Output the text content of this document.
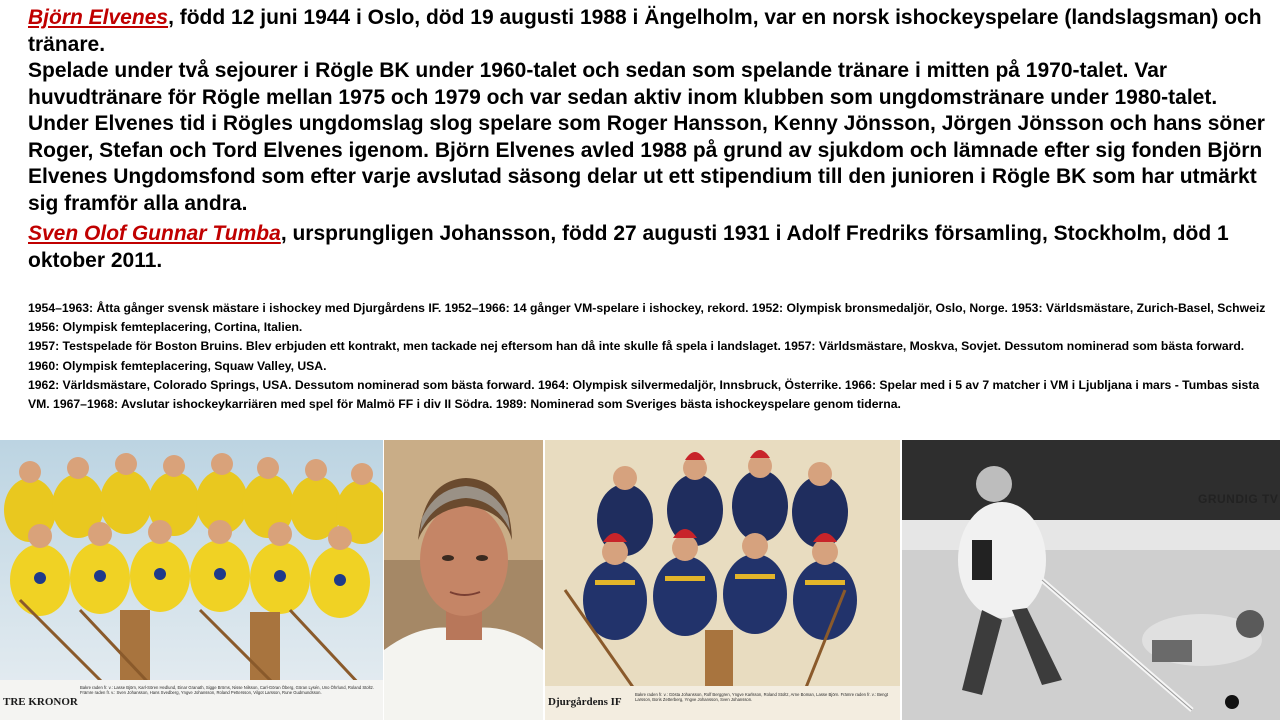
Björn Elvenes, född 12 juni 1944 i Oslo, död 19 augusti 1988 i Ängelholm, var en norsk ishockeyspelare (landslagsman) och tränare.

Spelade under två sejourer i Rögle BK under 1960-talet och sedan som spelande tränare i mitten på 1970-talet. Var huvudtränare för Rögle mellan 1975 och 1979 och var sedan aktiv inom klubben som ungdomstränare under 1980-talet. Under Elvenes tid i Rögles ungdomslag slog spelare som Roger Hansson, Kenny Jönsson, Jörgen Jönsson och hans söner Roger, Stefan och Tord Elvenes igenom. Björn Elvenes avled 1988 på grund av sjukdom och lämnade efter sig fonden Björn Elvenes Ungdomsfond som efter varje avslutad säsong delar ut ett stipendium till den junioren i Rögle BK som har utmärkt sig framför alla andra.

Sven Olof Gunnar Tumba, ursprungligen Johansson, född 27 augusti 1931 i Adolf Fredriks församling, Stockholm, död 1 oktober 2011.

1954–1963: Åtta gånger svensk mästare i ishockey med Djurgårdens IF. 1952–1966: 14 gånger VM-spelare i ishockey, rekord. 1952: Olympisk bronsmedaljör, Oslo, Norge. 1953: Världsmästare, Zurich-Basel, Schweiz 1956: Olympisk femteplacering, Cortina, Italien.

1957: Testspelade för Boston Bruins. Blev erbjuden ett kontrakt, men tackade nej eftersom han då inte skulle få spela i landslaget. 1957: Världsmästare, Moskva, Sovjet. Dessutom nominerad som bästa forward. 1960: Olympisk femteplacering, Squaw Valley, USA.

1962: Världsmästare, Colorado Springs, USA. Dessutom nominerad som bästa forward. 1964: Olympisk silvermedaljör, Innsbruck, Österrike. 1966: Spelar med i 5 av 7 matcher i VM i Ljubljana i mars - Tumbas sista VM. 1967–1968: Avslutar ishockeykarriären med spel för Malmö FF i div II Södra. 1989: Nominerad som Sveriges bästa ishockeyspelare genom tiderna.

TRE KRONOR
Bakre raden fr. v.: Lasse Björn, Karl-Sören Hedlund, Einar Granath, Sigge Bröms, Nisse Nilsson, Carl-Göran Öberg, Göran Lysén, Uno Öhrlund, Roland Stoltz. Främre raden fr. v.: Sven Johansson, Hans Svedberg, Yngve Johansson, Roland Pettersson, Vilgot Larsson, Rune Gudmundsson.
Djurgårdens IF
Bakre raden fr. v.: Gösta Johansson, Rolf Berggren, Yngve Karlsson, Roland Stoltz, Arne Boman, Lasse Björn. Främre raden fr. v.: Bengt Larsson, Boris Zetterberg, Yngve Johansson, Sven Johansson.
GRUNDIG TV
